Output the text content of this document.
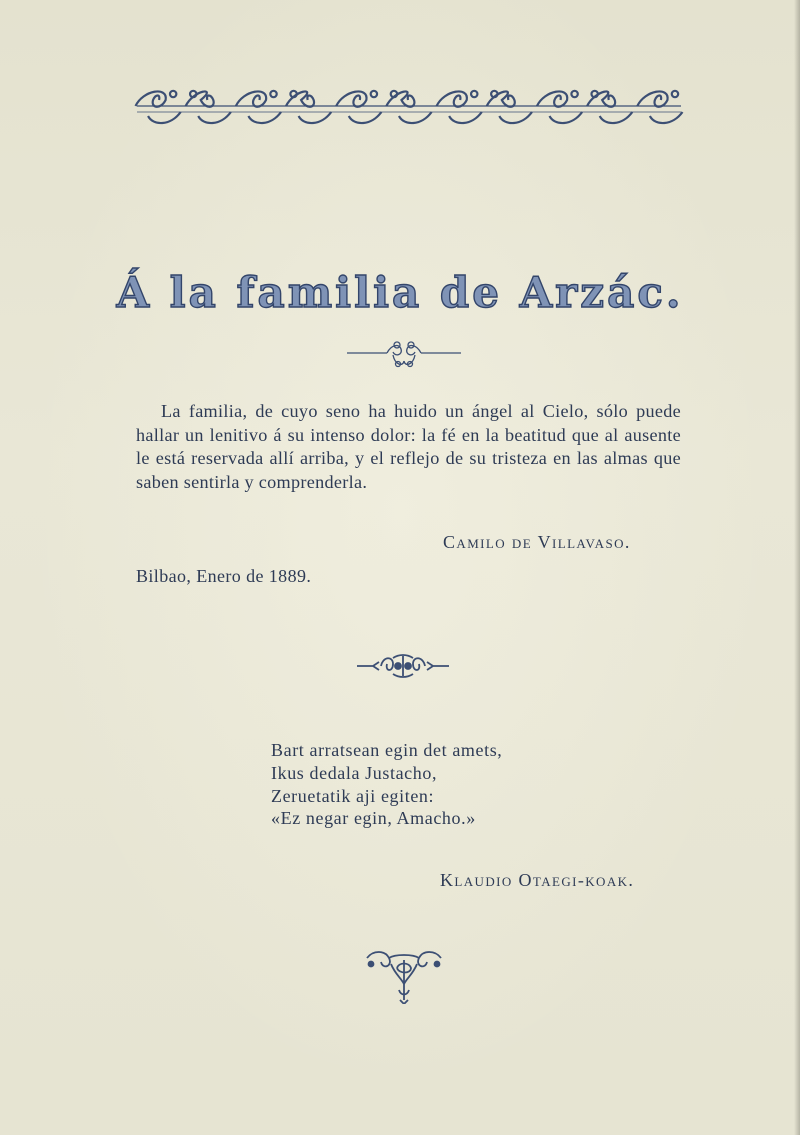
Á la familia de Arzác.
La familia, de cuyo seno ha huido un ángel al Cielo, sólo puede hallar un lenitivo á su intenso dolor: la fé en la beatitud que al ausente le está reservada allí arriba, y el reflejo de su tristeza en las almas que saben sentirla y comprenderla.
Camilo de Villavaso.
Bilbao, Enero de 1889.
Bart arratsean egin det amets,
Ikus dedala Justacho,
Zeruetatik aji egiten:
«Ez negar egin, Amacho.»
Klaudio Otaegi-koak.
